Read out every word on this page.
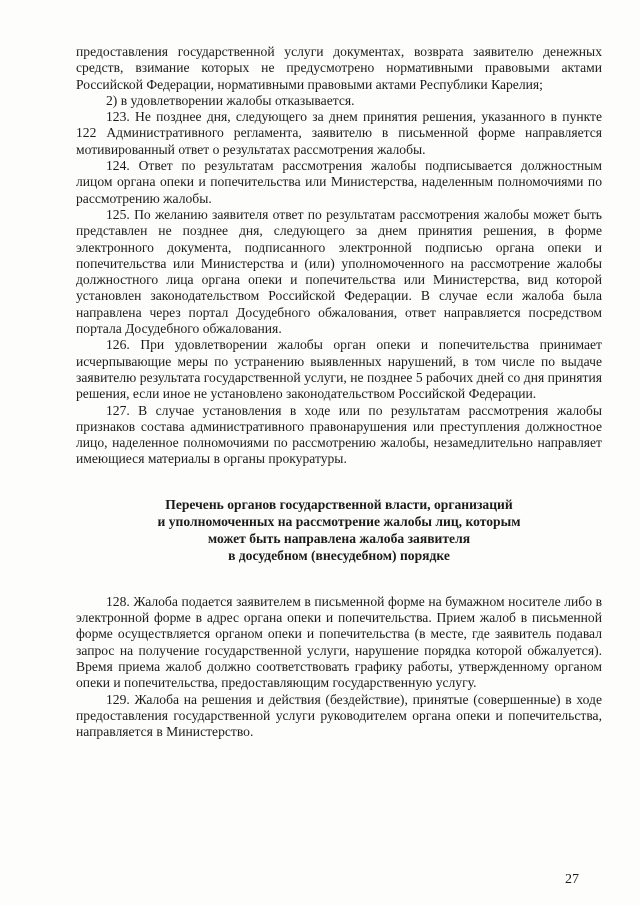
предоставления государственной услуги документах, возврата заявителю денежных средств, взимание которых не предусмотрено нормативными правовыми актами Российской Федерации, нормативными правовыми актами Республики Карелия;

2) в удовлетворении жалобы отказывается.

123. Не позднее дня, следующего за днем принятия решения, указанного в пункте 122 Административного регламента, заявителю в письменной форме направляется мотивированный ответ о результатах рассмотрения жалобы.

124. Ответ по результатам рассмотрения жалобы подписывается должностным лицом органа опеки и попечительства или Министерства, наделенным полномочиями по рассмотрению жалобы.

125. По желанию заявителя ответ по результатам рассмотрения жалобы может быть представлен не позднее дня, следующего за днем принятия решения, в форме электронного документа, подписанного электронной подписью органа опеки и попечительства или Министерства и (или) уполномоченного на рассмотрение жалобы должностного лица органа опеки и попечительства или Министерства, вид которой установлен законодательством Российской Федерации. В случае если жалоба была направлена через портал Досудебного обжалования, ответ направляется посредством портала Досудебного обжалования.

126. При удовлетворении жалобы орган опеки и попечительства принимает исчерпывающие меры по устранению выявленных нарушений, в том числе по выдаче заявителю результата государственной услуги, не позднее 5 рабочих дней со дня принятия решения, если иное не установлено законодательством Российской Федерации.

127. В случае установления в ходе или по результатам рассмотрения жалобы признаков состава административного правонарушения или преступления должностное лицо, наделенное полномочиями по рассмотрению жалобы, незамедлительно направляет имеющиеся материалы в органы прокуратуры.

Перечень органов государственной власти, организаций
и уполномоченных на рассмотрение жалобы лиц, которым
может быть направлена жалоба заявителя
в досудебном (внесудебном) порядке

128. Жалоба подается заявителем в письменной форме на бумажном носителе либо в электронной форме в адрес органа опеки и попечительства. Прием жалоб в письменной форме осуществляется органом опеки и попечительства (в месте, где заявитель подавал запрос на получение государственной услуги, нарушение порядка которой обжалуется). Время приема жалоб должно соответствовать графику работы, утвержденному органом опеки и попечительства, предоставляющим государственную услугу.

129. Жалоба на решения и действия (бездействие), принятые (совершенные) в ходе предоставления государственной услуги руководителем органа опеки и попечительства, направляется в Министерство.

27
